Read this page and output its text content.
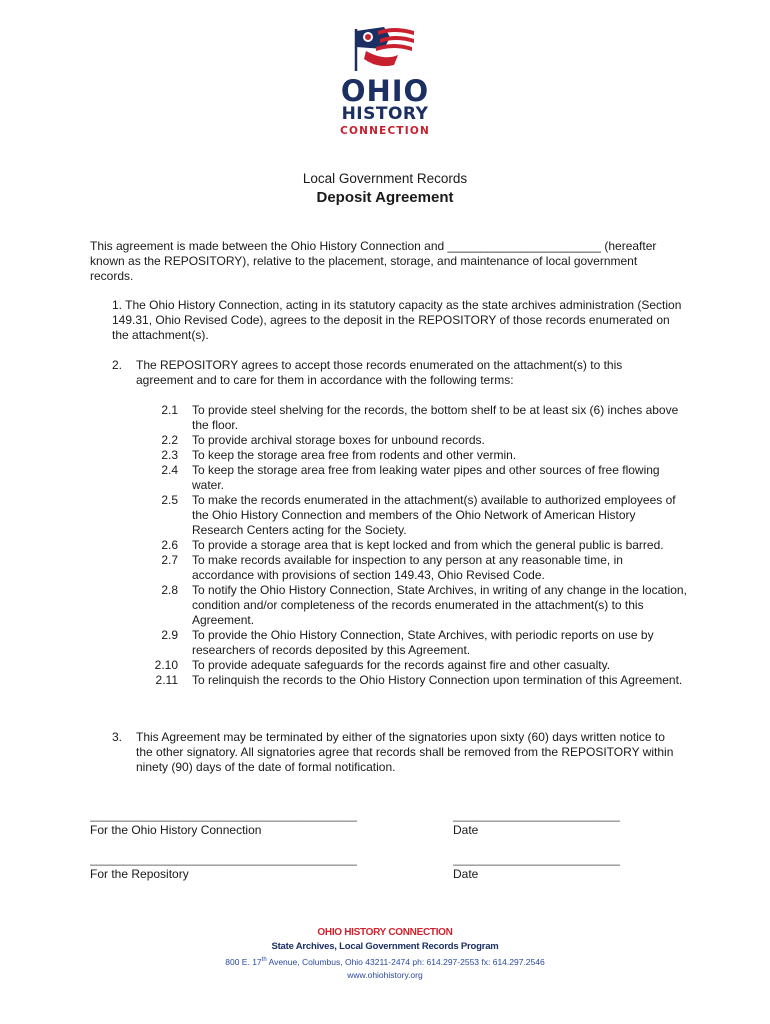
OHIO
HISTORY
CONNECTION
Local Government Records
Deposit Agreement
This agreement is made between the Ohio History Connection and _______________________ (hereafter known as the REPOSITORY), relative to the placement, storage, and maintenance of local government records.
1. The Ohio History Connection, acting in its statutory capacity as the state archives administration (Section 149.31, Ohio Revised Code), agrees to the deposit in the REPOSITORY of those records enumerated on the attachment(s).
2. The REPOSITORY agrees to accept those records enumerated on the attachment(s) to this agreement and to care for them in accordance with the following terms:
2.1 To provide steel shelving for the records, the bottom shelf to be at least six (6) inches above the floor.
2.2 To provide archival storage boxes for unbound records.
2.3 To keep the storage area free from rodents and other vermin.
2.4 To keep the storage area free from leaking water pipes and other sources of free flowing water.
2.5 To make the records enumerated in the attachment(s) available to authorized employees of the Ohio History Connection and members of the Ohio Network of American History Research Centers acting for the Society.
2.6 To provide a storage area that is kept locked and from which the general public is barred.
2.7 To make records available for inspection to any person at any reasonable time, in accordance with provisions of section 149.43, Ohio Revised Code.
2.8 To notify the Ohio History Connection, State Archives, in writing of any change in the location, condition and/or completeness of the records enumerated in the attachment(s) to this Agreement.
2.9 To provide the Ohio History Connection, State Archives, with periodic reports on use by researchers of records deposited by this Agreement.
2.10 To provide adequate safeguards for the records against fire and other casualty.
2.11 To relinquish the records to the Ohio History Connection upon termination of this Agreement.
3. This Agreement may be terminated by either of the signatories upon sixty (60) days written notice to the other signatory. All signatories agree that records shall be removed from the REPOSITORY within ninety (90) days of the date of formal notification.
________________________________________
For the Ohio History Connection
_________________________
Date
________________________________________
For the Repository
_________________________
Date
OHIO HISTORY CONNECTION
State Archives, Local Government Records Program
800 E. 17th Avenue, Columbus, Ohio 43211-2474 ph: 614.297-2553 fx: 614.297.2546
www.ohiohistory.org
